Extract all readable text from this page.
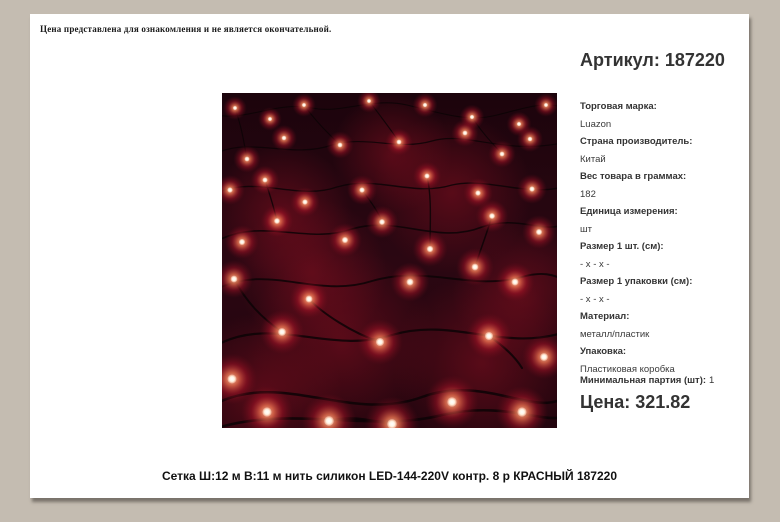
Цена представлена для ознакомления и не является окончательной.
Артикул: 187220
Торговая марка:
Luazon
Страна производитель:
Китай
Вес товара в граммах:
182
Единица измерения:
шт
Размер 1 шт. (см):
- х - х -
Размер 1 упаковки (см):
- х - х -
Материал:
металл/пластик
Упаковка:
Пластиковая коробка
Минимальная партия (шт): 1
Цена: 321.82
Сетка Ш:12 м В:11 м нить силикон LED-144-220V контр. 8 р КРАСНЫЙ 187220
